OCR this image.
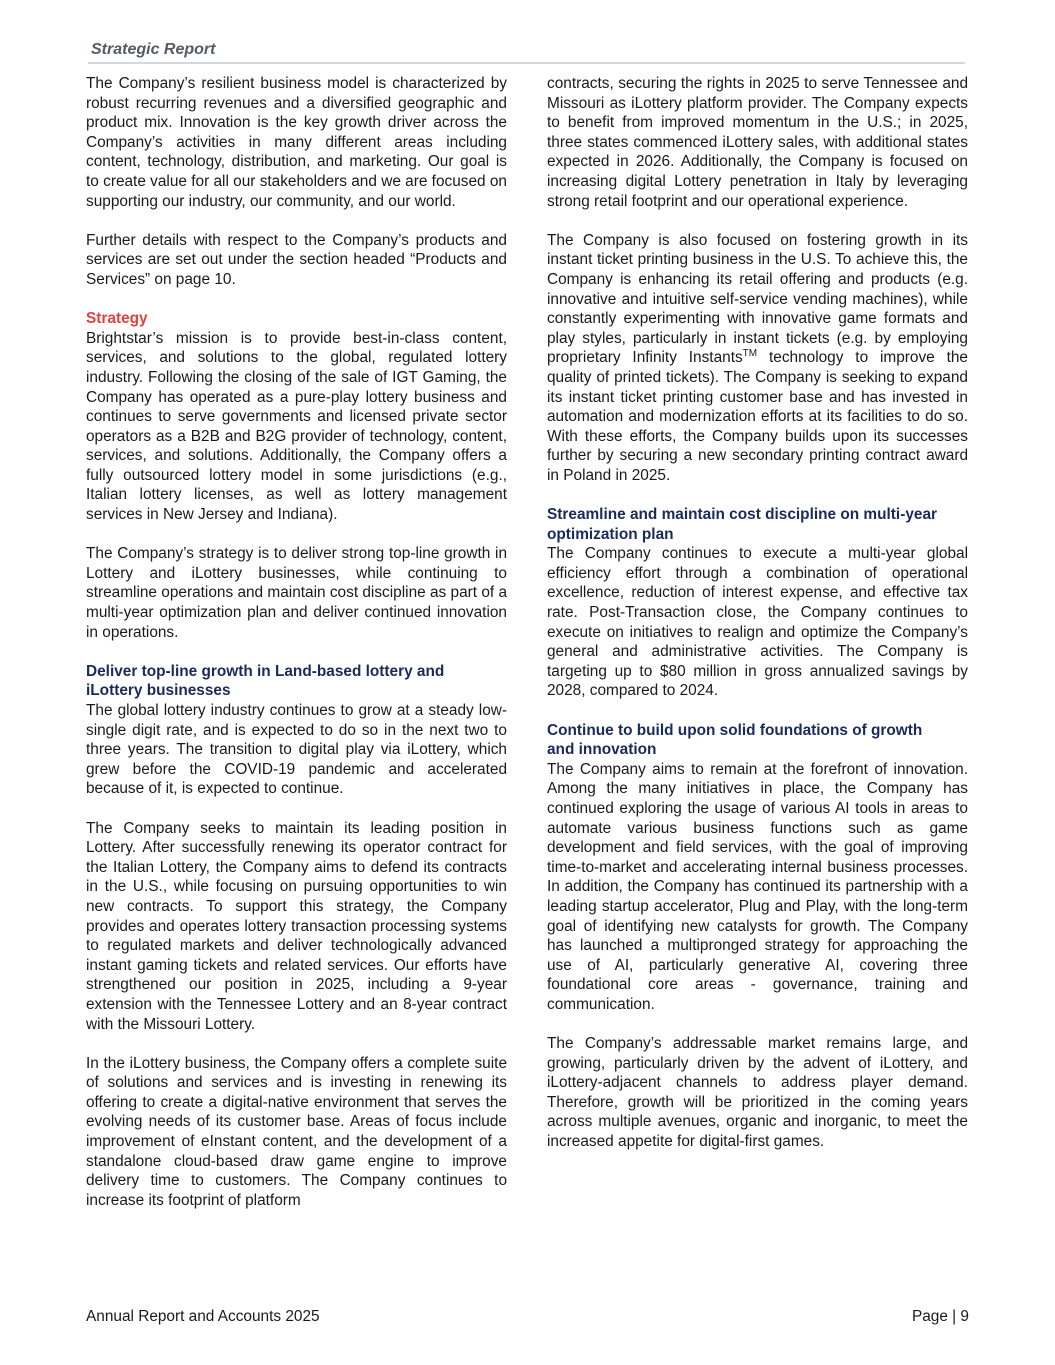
Strategic Report

The Company’s resilient business model is characterized by robust recurring revenues and a diversified geographic and product mix. Innovation is the key growth driver across the Company’s activities in many different areas including content, technology, distribution, and marketing. Our goal is to create value for all our stakeholders and we are focused on supporting our industry, our community, and our world.

Further details with respect to the Company’s products and services are set out under the section headed “Products and Services” on page 10.

Strategy

Brightstar’s mission is to provide best-in-class content, services, and solutions to the global, regulated lottery industry. Following the closing of the sale of IGT Gaming, the Company has operated as a pure-play lottery business and continues to serve governments and licensed private sector operators as a B2B and B2G provider of technology, content, services, and solutions. Additionally, the Company offers a fully outsourced lottery model in some jurisdictions (e.g., Italian lottery licenses, as well as lottery management services in New Jersey and Indiana).

The Company’s strategy is to deliver strong top-line growth in Lottery and iLottery businesses, while continuing to streamline operations and maintain cost discipline as part of a multi-year optimization plan and deliver continued innovation in operations.

Deliver top-line growth in Land-based lottery and
iLottery businesses

The global lottery industry continues to grow at a steady low-single digit rate, and is expected to do so in the next two to three years. The transition to digital play via iLottery, which grew before the COVID-19 pandemic and accelerated because of it, is expected to continue.

The Company seeks to maintain its leading position in Lottery. After successfully renewing its operator contract for the Italian Lottery, the Company aims to defend its contracts in the U.S., while focusing on pursuing opportunities to win new contracts. To support this strategy, the Company provides and operates lottery transaction processing systems to regulated markets and deliver technologically advanced instant gaming tickets and related services. Our efforts have strengthened our position in 2025, including a 9-year extension with the Tennessee Lottery and an 8-year contract with the Missouri Lottery.

In the iLottery business, the Company offers a complete suite of solutions and services and is investing in renewing its offering to create a digital-native environment that serves the evolving needs of its customer base. Areas of focus include improvement of eInstant content, and the development of a standalone cloud-based draw game engine to improve delivery time to customers. The Company continues to increase its footprint of platform

contracts, securing the rights in 2025 to serve Tennessee and Missouri as iLottery platform provider. The Company expects to benefit from improved momentum in the U.S.; in 2025, three states commenced iLottery sales, with additional states expected in 2026. Additionally, the Company is focused on increasing digital Lottery penetration in Italy by leveraging strong retail footprint and our operational experience.

The Company is also focused on fostering growth in its instant ticket printing business in the U.S. To achieve this, the Company is enhancing its retail offering and products (e.g. innovative and intuitive self-service vending machines), while constantly experimenting with innovative game formats and play styles, particularly in instant tickets (e.g. by employing proprietary Infinity Instants™ technology to improve the quality of printed tickets). The Company is seeking to expand its instant ticket printing customer base and has invested in automation and modernization efforts at its facilities to do so. With these efforts, the Company builds upon its successes further by securing a new secondary printing contract award in Poland in 2025.

Streamline and maintain cost discipline on multi-year
optimization plan

The Company continues to execute a multi-year global efficiency effort through a combination of operational excellence, reduction of interest expense, and effective tax rate. Post-Transaction close, the Company continues to execute on initiatives to realign and optimize the Company’s general and administrative activities. The Company is targeting up to $80 million in gross annualized savings by 2028, compared to 2024.

Continue to build upon solid foundations of growth
and innovation

The Company aims to remain at the forefront of innovation. Among the many initiatives in place, the Company has continued exploring the usage of various AI tools in areas to automate various business functions such as game development and field services, with the goal of improving time-to-market and accelerating internal business processes. In addition, the Company has continued its partnership with a leading startup accelerator, Plug and Play, with the long-term goal of identifying new catalysts for growth. The Company has launched a multipronged strategy for approaching the use of AI, particularly generative AI, covering three foundational core areas - governance, training and communication.

The Company’s addressable market remains large, and growing, particularly driven by the advent of iLottery, and iLottery-adjacent channels to address player demand. Therefore, growth will be prioritized in the coming years across multiple avenues, organic and inorganic, to meet the increased appetite for digital-first games.

Annual Report and Accounts 2025	Page | 9
